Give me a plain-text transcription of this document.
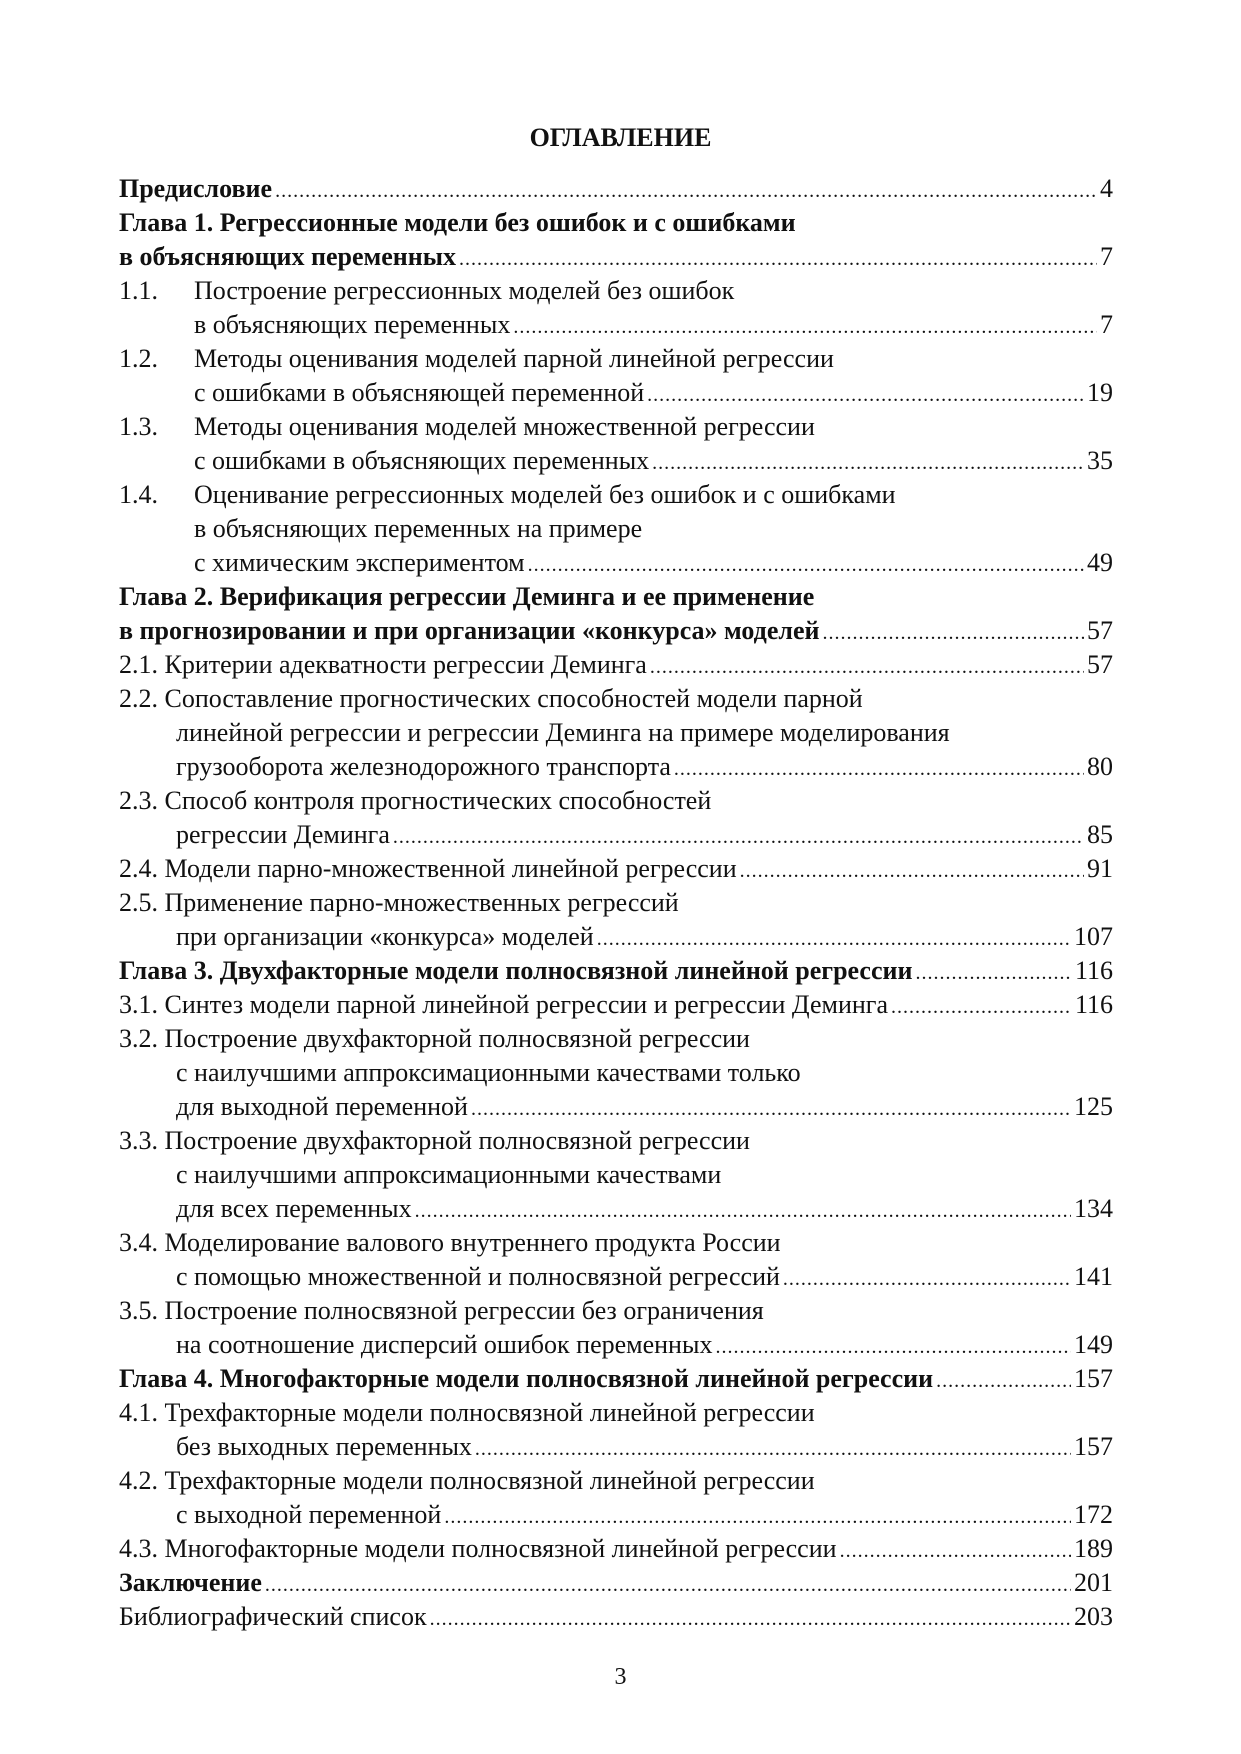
ОГЛАВЛЕНИЕ
Предисловие .....	4
Глава 1. Регрессионные модели без ошибок и с ошибками
в объясняющих переменных .....	7
1.1.	Построение регрессионных моделей без ошибок
в объясняющих переменных .....	7
1.2.	Методы оценивания моделей парной линейной регрессии
с ошибками в объясняющей переменной .....	19
1.3.	Методы оценивания моделей множественной регрессии
с ошибками в объясняющих переменных .....	35
1.4.	Оценивание регрессионных моделей без ошибок и с ошибками
в объясняющих переменных на примере
с химическим экспериментом .....	49
Глава 2. Верификация регрессии Деминга и ее применение
в прогнозировании и при организации «конкурса» моделей .....	57
2.1. Критерии адекватности регрессии Деминга .....	57
2.2. Сопоставление прогностических способностей модели парной
линейной регрессии и регрессии Деминга на примере моделирования
грузооборота железнодорожного транспорта .....	80
2.3. Способ контроля прогностических способностей
регрессии Деминга .....	85
2.4. Модели парно-множественной линейной регрессии .....	91
2.5. Применение парно-множественных регрессий
при организации «конкурса» моделей .....	107
Глава 3. Двухфакторные модели полносвязной линейной регрессии .....	116
3.1. Синтез модели парной линейной регрессии и регрессии Деминга .....	116
3.2. Построение двухфакторной полносвязной регрессии
с наилучшими аппроксимационными качествами только
для выходной переменной .....	125
3.3. Построение двухфакторной полносвязной регрессии
с наилучшими аппроксимационными качествами
для всех переменных .....	134
3.4. Моделирование валового внутреннего продукта России
с помощью множественной и полносвязной регрессий .....	141
3.5. Построение полносвязной регрессии без ограничения
на соотношение дисперсий ошибок переменных .....	149
Глава 4. Многофакторные модели полносвязной линейной регрессии .....	157
4.1. Трехфакторные модели полносвязной линейной регрессии
без выходных переменных .....	157
4.2. Трехфакторные модели полносвязной линейной регрессии
с выходной переменной .....	172
4.3. Многофакторные модели полносвязной линейной регрессии .....	189
Заключение .....	201
Библиографический список .....	203
3
